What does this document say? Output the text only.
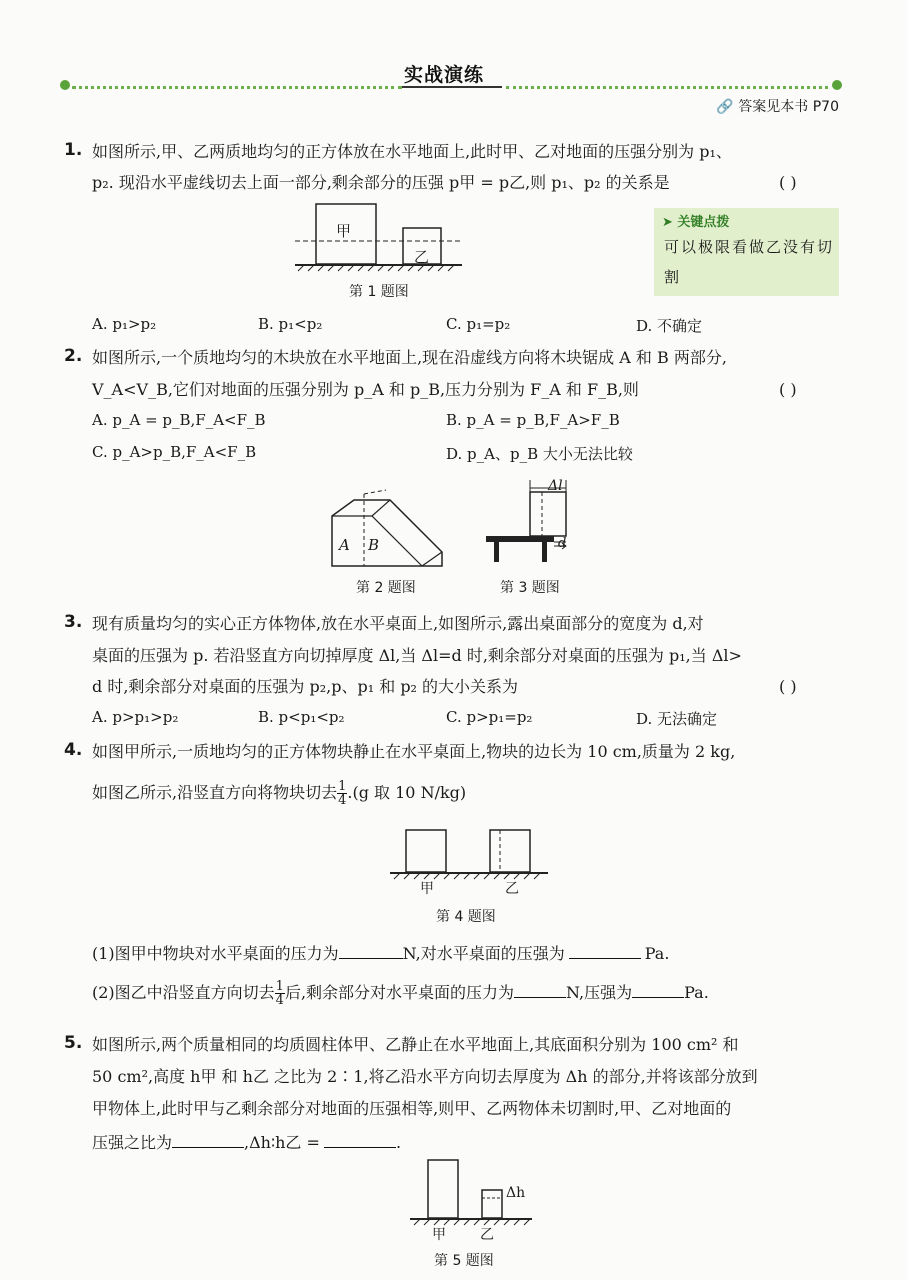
实战演练
🔗 答案见本书 P70
1. 如图所示,甲、乙两质地均匀的正方体放在水平地面上,此时甲、乙对地面的压强分别为 p₁、
p₂. 现沿水平虚线切去上面一部分,剩余部分的压强 p甲 = p乙,则 p₁、p₂ 的关系是	( )
甲
乙
第 1 题图
➤ 关键点拨
可以极限看做乙没有切割
A. p₁>p₂	B. p₁<p₂	C. p₁=p₂	D. 不确定
2. 如图所示,一个质地均匀的木块放在水平地面上,现在沿虚线方向将木块锯成 A 和 B 两部分,
V_A<V_B,它们对地面的压强分别为 p_A 和 p_B,压力分别为 F_A 和 F_B,则	( )
A. p_A = p_B,F_A<F_B	B. p_A = p_B,F_A>F_B
C. p_A>p_B,F_A<F_B	D. p_A、p_B 大小无法比较
A B
第 2 题图
Δl
d
第 3 题图
3. 现有质量均匀的实心正方体物体,放在水平桌面上,如图所示,露出桌面部分的宽度为 d,对
桌面的压强为 p. 若沿竖直方向切掉厚度 Δl,当 Δl=d 时,剩余部分对桌面的压强为 p₁,当 Δl>
d 时,剩余部分对桌面的压强为 p₂,p、p₁ 和 p₂ 的大小关系为	( )
A. p>p₁>p₂	B. p<p₁<p₂	C. p>p₁=p₂	D. 无法确定
4. 如图甲所示,一质地均匀的正方体物块静止在水平桌面上,物块的边长为 10 cm,质量为 2 kg,
如图乙所示,沿竖直方向将物块切去 $\frac{1}{4} .(g$ 取 10 N/kg)
甲	乙
第 4 题图
(1)图甲中物块对水平桌面的压力为	N,对水平桌面的压强为	Pa.
(2)图乙中沿竖直方向切去 $\frac{1}{4}$ 后,剩余部分对水平桌面的压力为	N,压强为	Pa.
5. 如图所示,两个质量相同的均质圆柱体甲、乙静止在水平地面上,其底面积分别为 100 cm² 和
50 cm²,高度 h甲 和 h乙 之比为 2∶1,将乙沿水平方向切去厚度为 Δh 的部分,并将该部分放到
甲物体上,此时甲与乙剩余部分对地面的压强相等,则甲、乙两物体未切割时,甲、乙对地面的
压强之比为	,Δh∶h乙 =	.
Δh
甲 乙
第 5 题图
